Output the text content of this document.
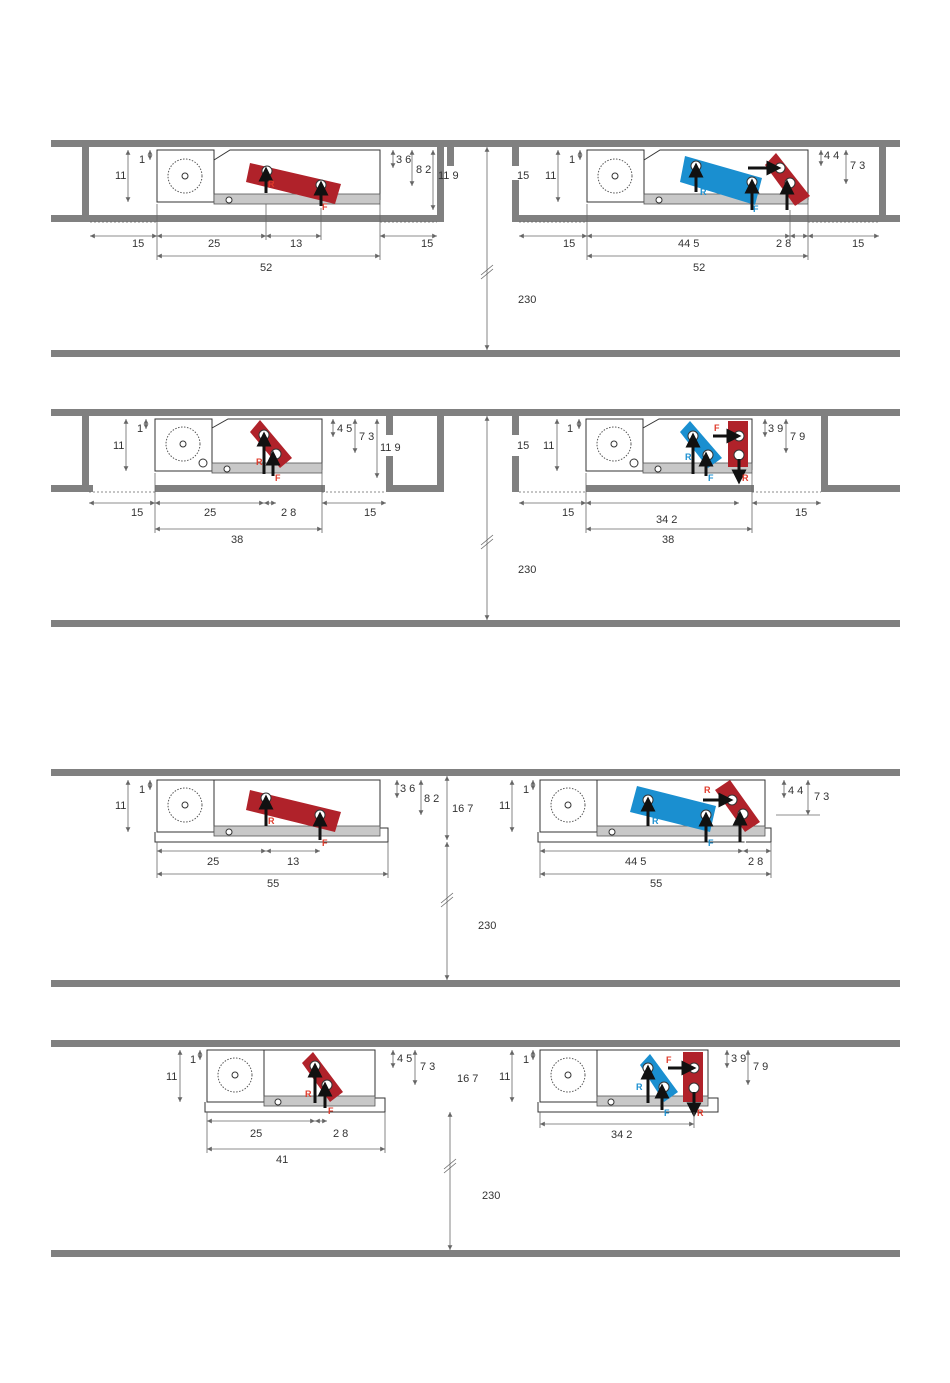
R
F
11
1	3 6
8 2 11 9
15	25	13	15
52
R
F	F
11
1
15
4 4
7 3
15	44 5	2 8	15
52
230
R
F
11
1	4 5
7 3
11 9
15	25	2 8	15
38
R
F
F
R
11
1
15
3 9
7 9
15
34 2
15
38
230
R
F
11
1	3 6
8 2
16 7
25	13
55
R
R
F	F
11
1	4 4 7 3
44 5	2 8
55
230
R
F
11
1	4 5
7 3
16 7
25	2 8
41
R
F
F
R
11
1	3 9
7 9
34 2
230
